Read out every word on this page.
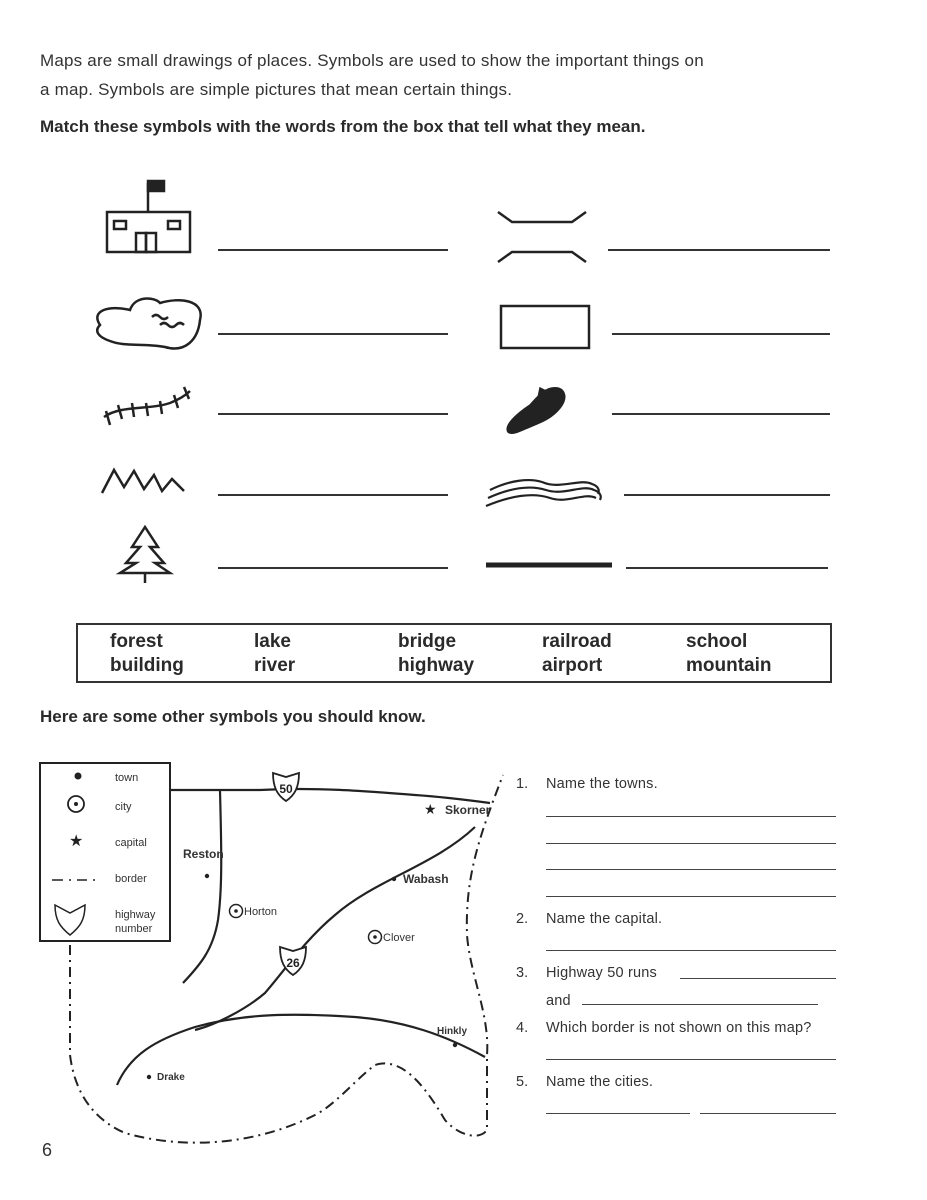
Maps are small drawings of places. Symbols are used to show the important things on
a map. Symbols are simple pictures that mean certain things.
Match these symbols with the words from the box that tell what they mean.
forest	lake	bridge	railroad	school
building	river	highway	airport	mountain
Here are some other symbols you should know.
town
city
★	capital
border
highway
number
50
26
★ Skorner
Reston
Wabash
Horton
Clover
Hinkly
Drake
1. Name the towns.
2. Name the capital.
3. Highway 50 runs
and
4. Which border is not shown on this map?
5. Name the cities.
6
